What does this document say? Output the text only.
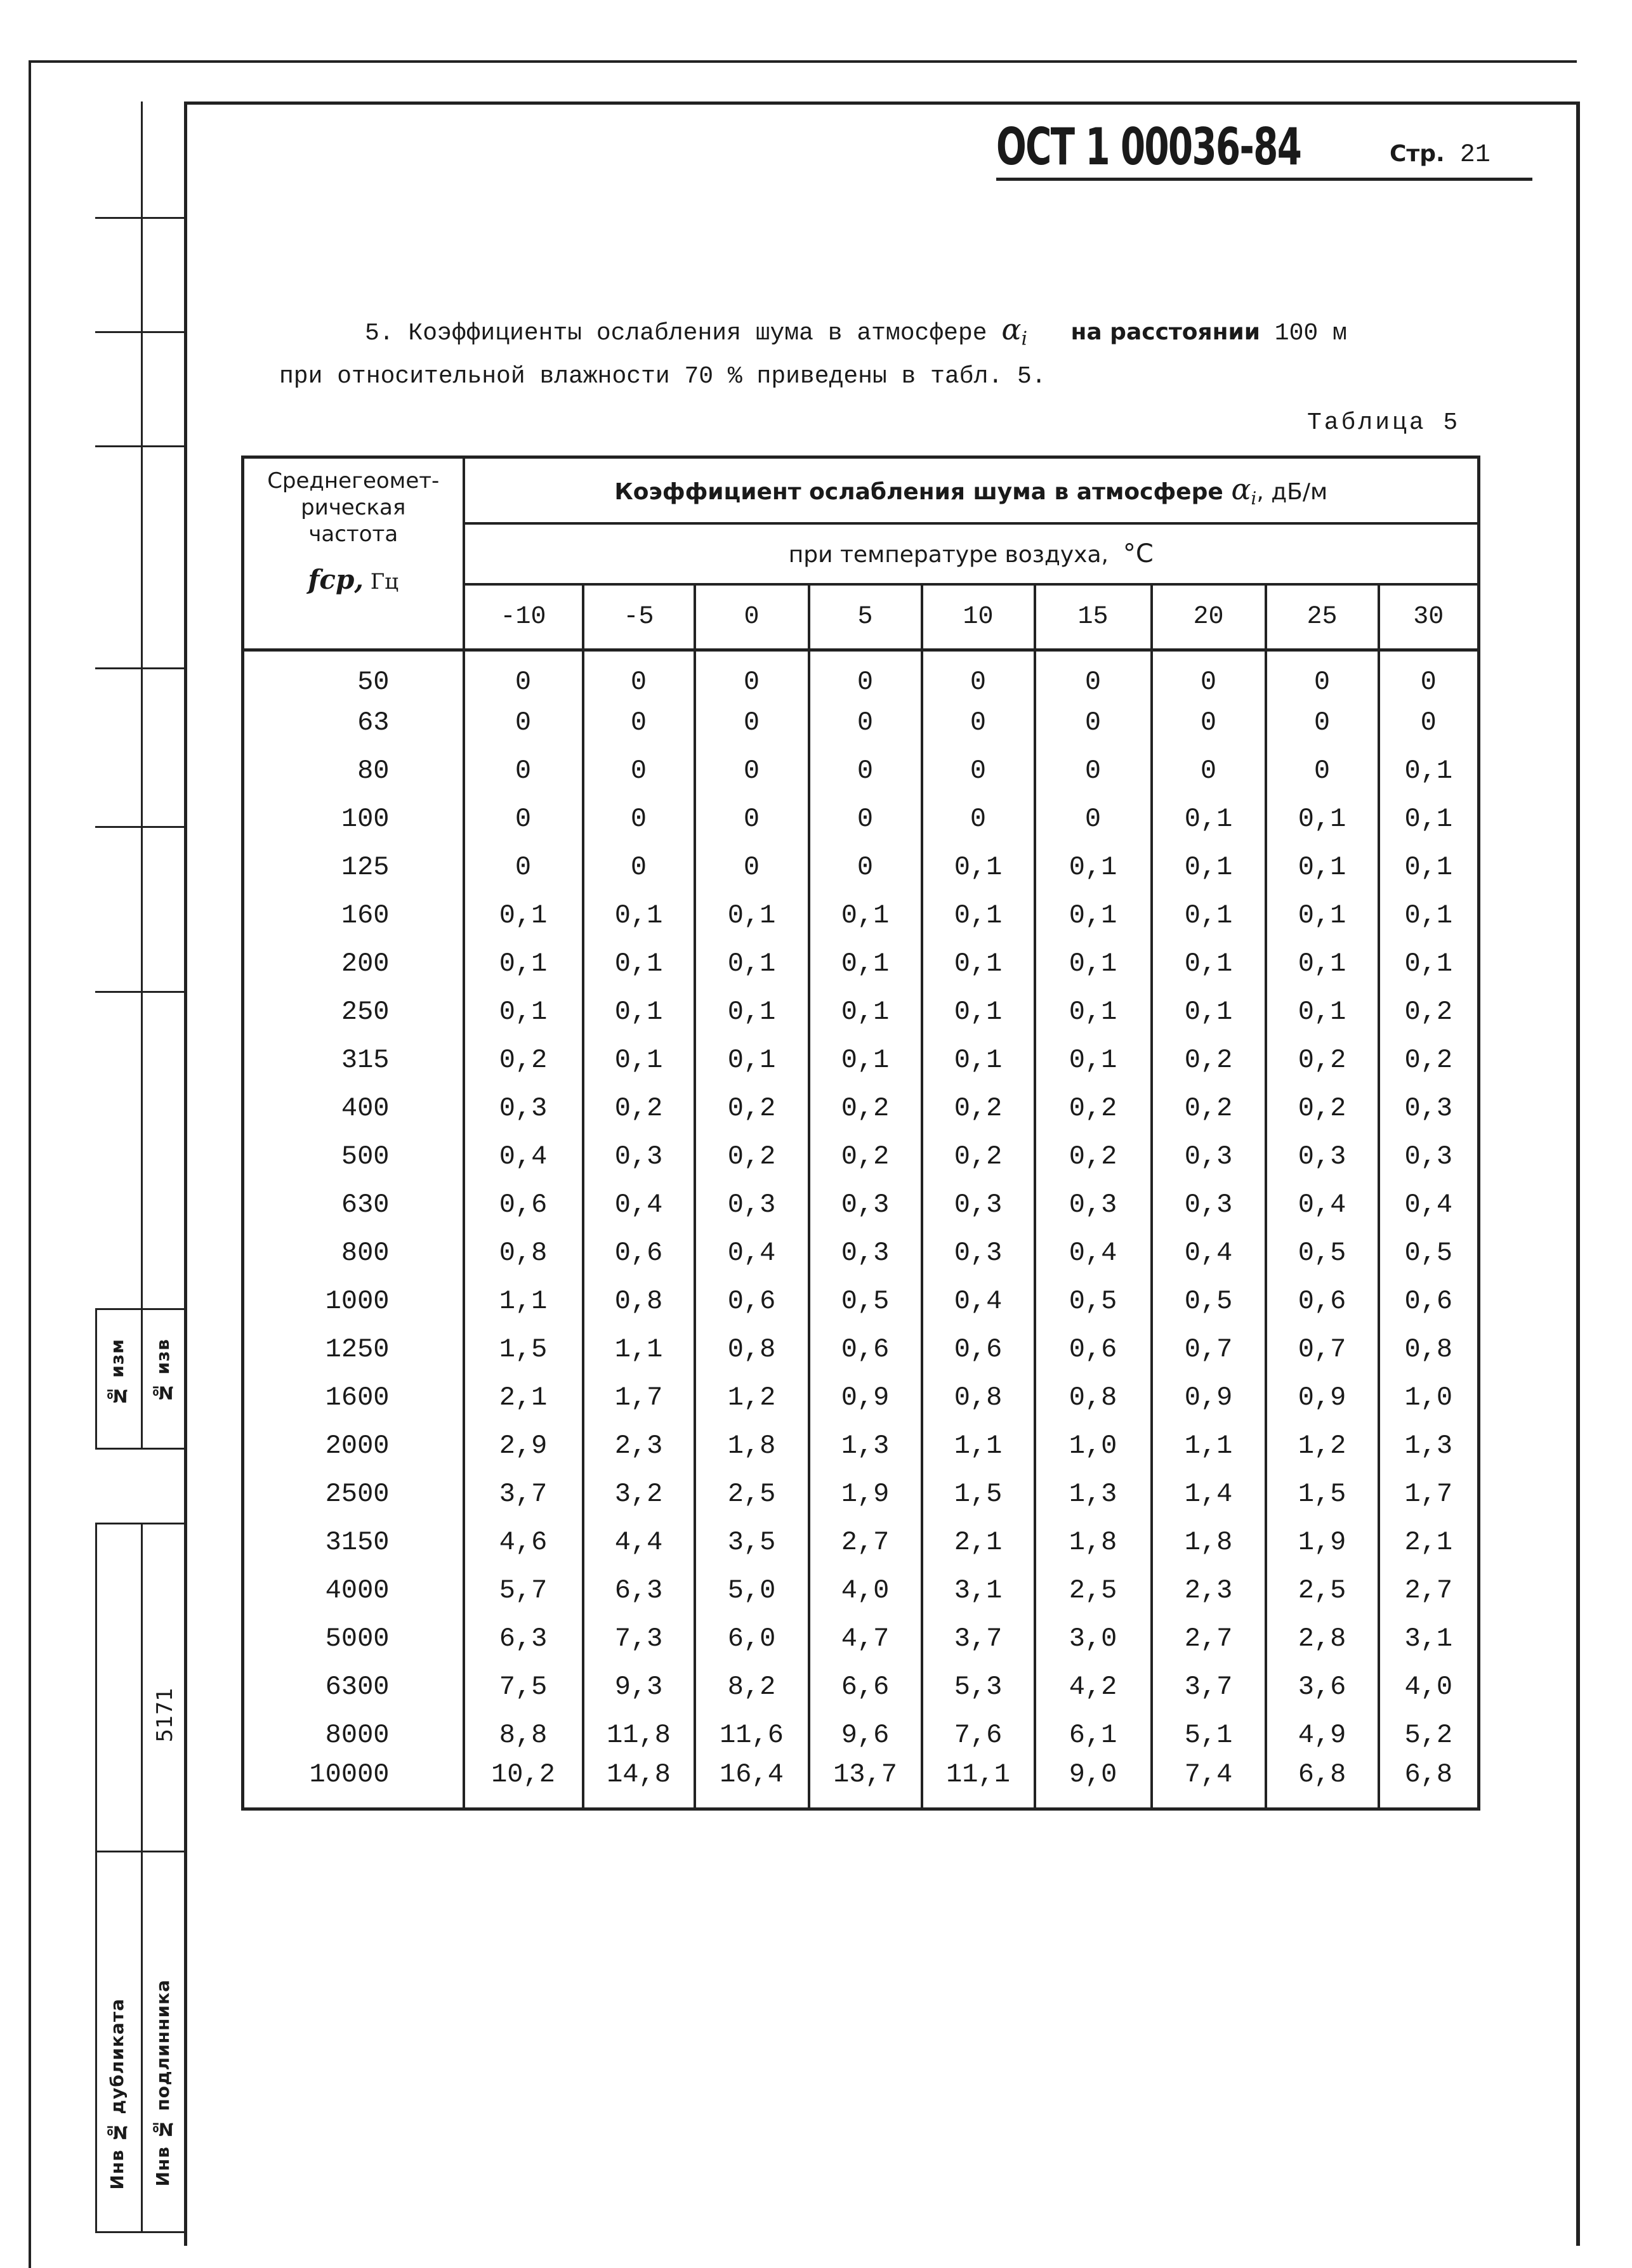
№ изм № изв
5171
Инв № дубликата Инв № подлинника
ОСТ 1 00036-84	Стр. 21
5. Коэффициенты ослабления шума в атмосфере $\alpha_i$ на расстоянии 100 м
при относительной влажности 70 % приведены в табл. 5.
Таблица 5
Среднегеомет-
рическая
частота
fср, Гц	Коэффициент ослабления шума в атмосфере $\alpha_i$, дБ/м								
	при температуре воздуха, °С								
	-10	-5	0	5	10	15	20	25	30
50	0	0	0	0	0	0	0	0	0
63	0	0	0	0	0	0	0	0	0
80	0	0	0	0	0	0	0	0	0,1
100	0	0	0	0	0	0	0,1	0,1	0,1
125	0	0	0	0	0,1	0,1	0,1	0,1	0,1
160	0,1	0,1	0,1	0,1	0,1	0,1	0,1	0,1	0,1
200	0,1	0,1	0,1	0,1	0,1	0,1	0,1	0,1	0,1
250	0,1	0,1	0,1	0,1	0,1	0,1	0,1	0,1	0,2
315	0,2	0,1	0,1	0,1	0,1	0,1	0,2	0,2	0,2
400	0,3	0,2	0,2	0,2	0,2	0,2	0,2	0,2	0,3
500	0,4	0,3	0,2	0,2	0,2	0,2	0,3	0,3	0,3
630	0,6	0,4	0,3	0,3	0,3	0,3	0,3	0,4	0,4
800	0,8	0,6	0,4	0,3	0,3	0,4	0,4	0,5	0,5
1000	1,1	0,8	0,6	0,5	0,4	0,5	0,5	0,6	0,6
1250	1,5	1,1	0,8	0,6	0,6	0,6	0,7	0,7	0,8
1600	2,1	1,7	1,2	0,9	0,8	0,8	0,9	0,9	1,0
2000	2,9	2,3	1,8	1,3	1,1	1,0	1,1	1,2	1,3
2500	3,7	3,2	2,5	1,9	1,5	1,3	1,4	1,5	1,7
3150	4,6	4,4	3,5	2,7	2,1	1,8	1,8	1,9	2,1
4000	5,7	6,3	5,0	4,0	3,1	2,5	2,3	2,5	2,7
5000	6,3	7,3	6,0	4,7	3,7	3,0	2,7	2,8	3,1
6300	7,5	9,3	8,2	6,6	5,3	4,2	3,7	3,6	4,0
8000	8,8	11,8	11,6	9,6	7,6	6,1	5,1	4,9	5,2
10000	10,2	14,8	16,4	13,7	11,1	9,0	7,4	6,8	6,8
